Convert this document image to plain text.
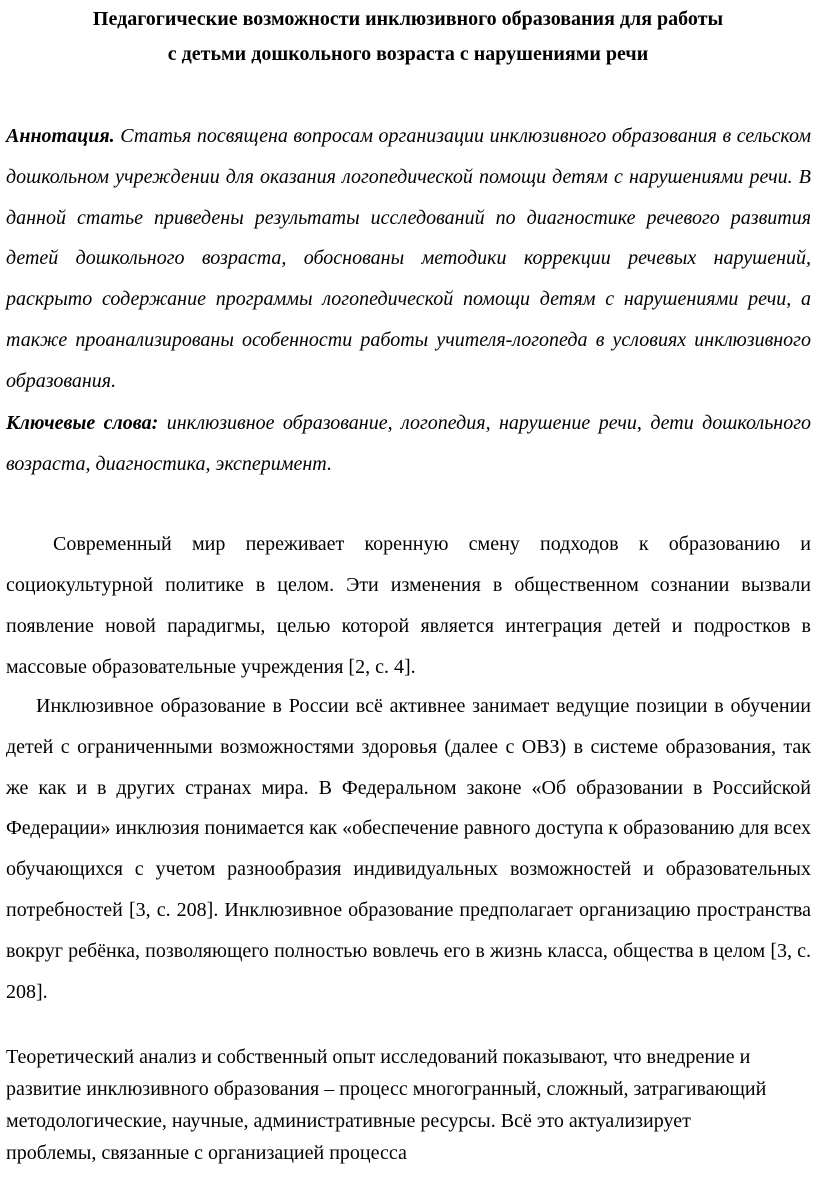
Педагогические возможности инклюзивного образования для работы
с детьми дошкольного возраста с нарушениями речи

Аннотация. Статья посвящена вопросам организации инклюзивного образования в сельском дошкольном учреждении для оказания логопедической помощи детям с нарушениями речи. В данной статье приведены результаты исследований по диагностике речевого развития детей дошкольного возраста, обоснованы методики коррекции речевых нарушений, раскрыто содержание программы логопедической помощи детям с нарушениями речи, а также проанализированы особенности работы учителя-логопеда в условиях инклюзивного образования.

Ключевые слова: инклюзивное образование, логопедия, нарушение речи, дети дошкольного возраста, диагностика, эксперимент.

Современный мир переживает коренную смену подходов к образованию и социокультурной политике в целом. Эти изменения в общественном сознании вызвали появление новой парадигмы, целью которой является интеграция детей и подростков в массовые образовательные учреждения [2, с. 4].

Инклюзивное образование в России всё активнее занимает ведущие позиции в обучении детей с ограниченными возможностями здоровья (далее с ОВЗ) в системе образования, так же как и в других странах мира. В Федеральном законе «Об образовании в Российской Федерации» инклюзия понимается как «обеспечение равного доступа к образованию для всех обучающихся с учетом разнообразия индивидуальных возможностей и образовательных потребностей [3, с. 208]. Инклюзивное образование предполагает организацию пространства вокруг ребёнка, позволяющего полностью вовлечь его в жизнь класса, общества в целом [3, с. 208].

Теоретический анализ и собственный опыт исследований показывают, что внедрение и развитие инклюзивного образования – процесс многогранный, сложный, затрагивающий методологические, научные, административные ресурсы. Всё это актуализирует проблемы, связанные с организацией процесса
